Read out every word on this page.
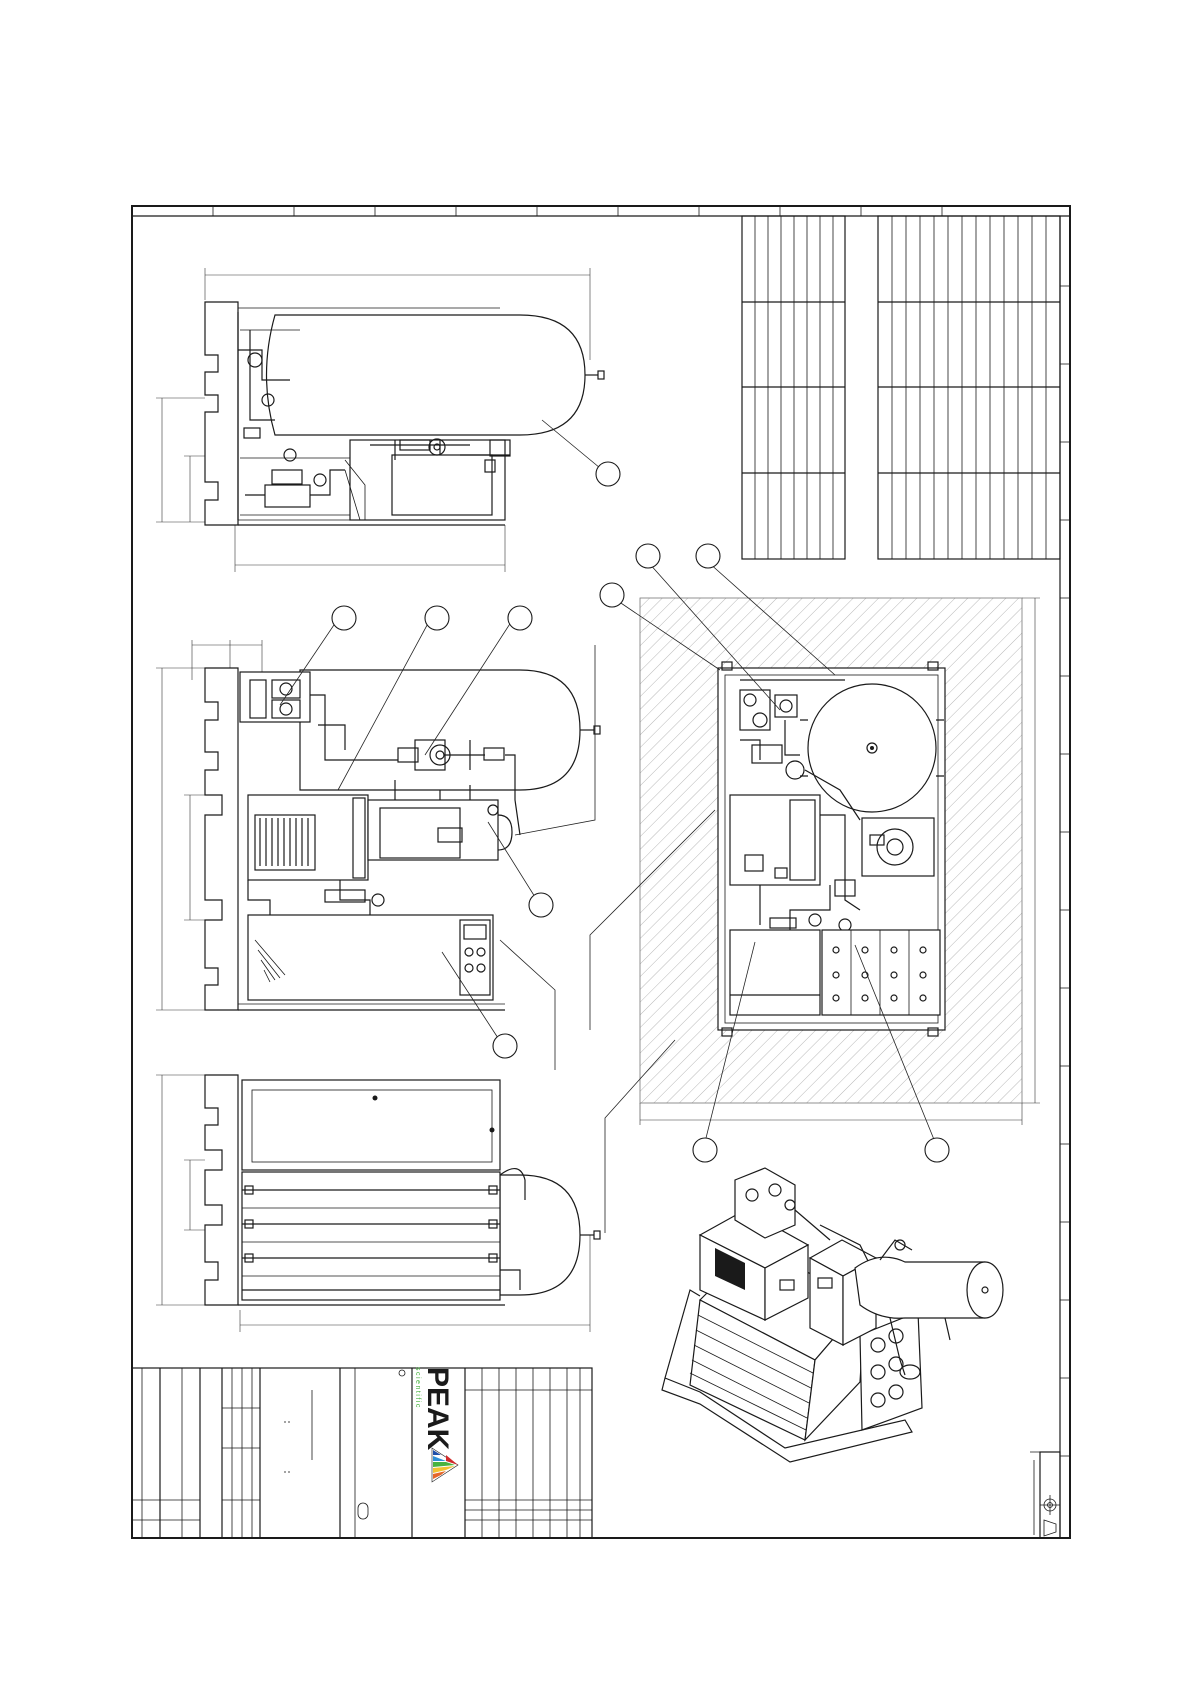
PEAK
scientific
